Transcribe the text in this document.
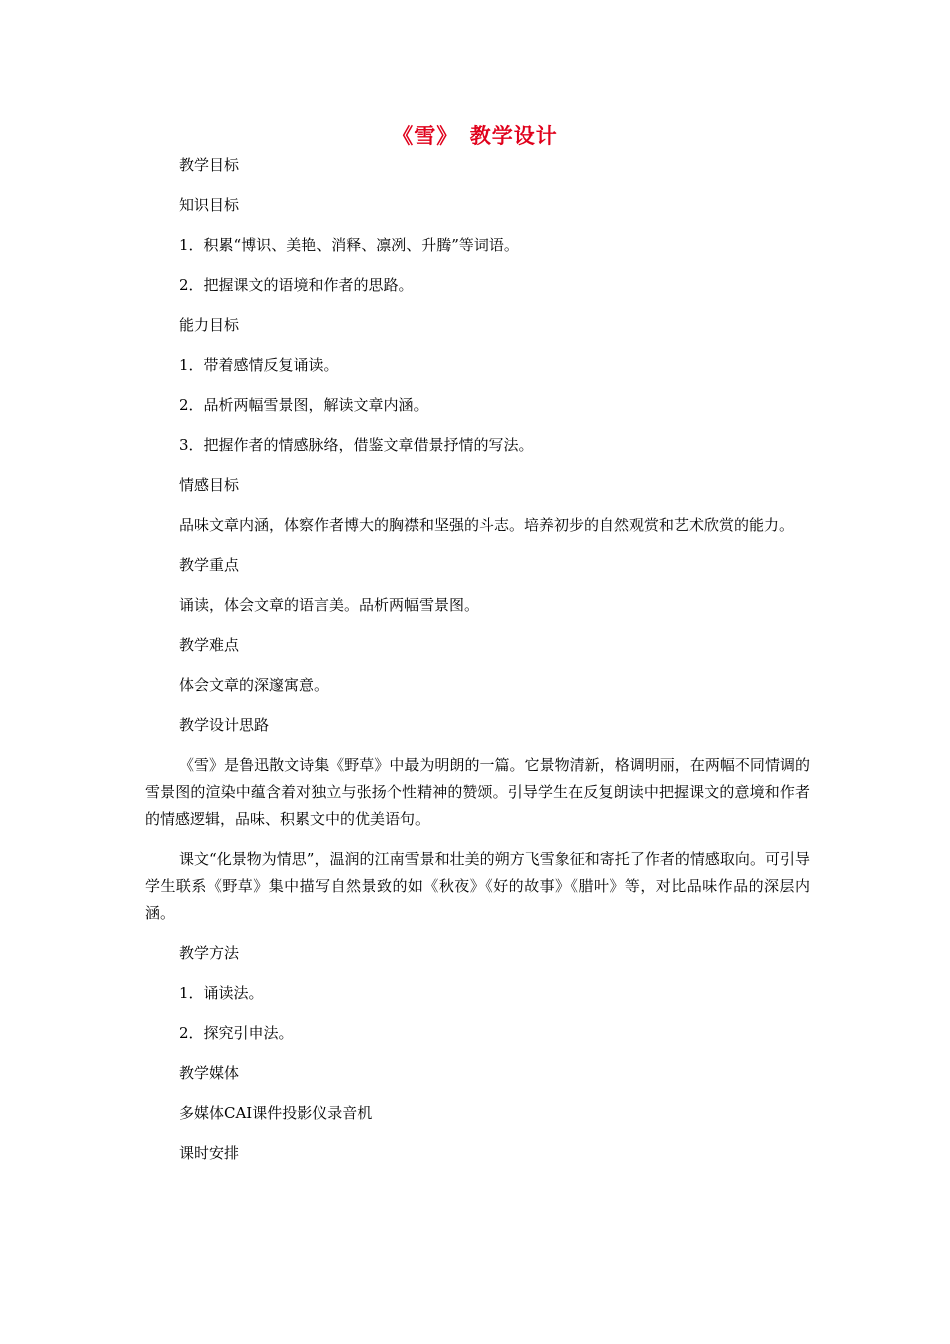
《雪》　教学设计

教学目标

知识目标

1．积累“博识、美艳、消释、凛冽、升腾”等词语。

2．把握课文的语境和作者的思路。

能力目标

1．带着感情反复诵读。

2．品析两幅雪景图，解读文章内涵。

3．把握作者的情感脉络，借鉴文章借景抒情的写法。

情感目标

品味文章内涵，体察作者博大的胸襟和坚强的斗志。培养初步的自然观赏和艺术欣赏的能力。

教学重点

诵读，体会文章的语言美。品析两幅雪景图。

教学难点

体会文章的深邃寓意。

教学设计思路

《雪》是鲁迅散文诗集《野草》中最为明朗的一篇。它景物清新，格调明丽，在两幅不同情调的雪景图的渲染中蕴含着对独立与张扬个性精神的赞颂。引导学生在反复朗读中把握课文的意境和作者的情感逻辑，品味、积累文中的优美语句。

课文“化景物为情思”，温润的江南雪景和壮美的朔方飞雪象征和寄托了作者的情感取向。可引导学生联系《野草》集中描写自然景致的如《秋夜》《好的故事》《腊叶》等，对比品味作品的深层内涵。

教学方法

1．诵读法。

2．探究引申法。

教学媒体

多媒体CAI课件投影仪录音机

课时安排
